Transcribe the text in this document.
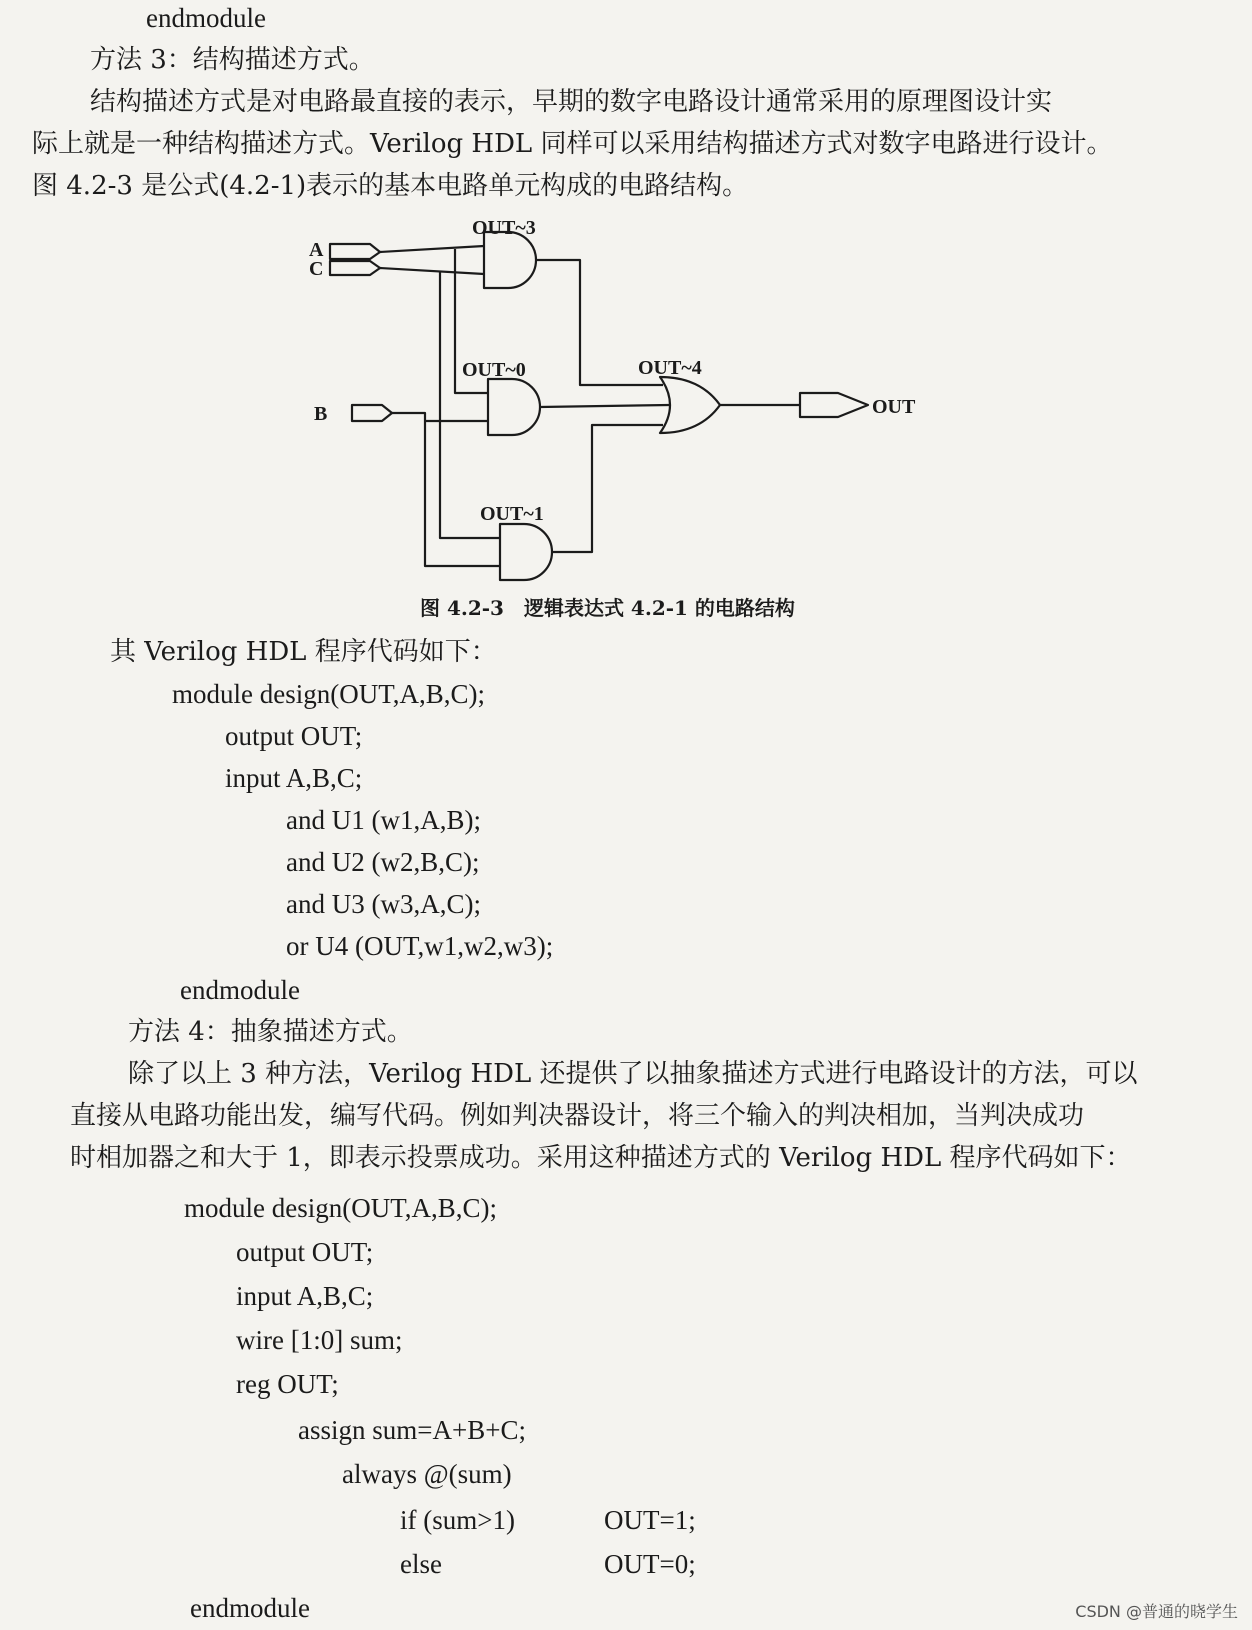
endmodule
方法 3：结构描述方式。
结构描述方式是对电路最直接的表示，早期的数字电路设计通常采用的原理图设计实
际上就是一种结构描述方式。Verilog HDL 同样可以采用结构描述方式对数字电路进行设计。
图 4.2-3 是公式(4.2-1)表示的基本电路单元构成的电路结构。
A
C
B	OUT
OUT~3
OUT~0
OUT~1
OUT~4
图 4.2-3　逻辑表达式 4.2-1 的电路结构
其 Verilog HDL 程序代码如下：
module design(OUT,A,B,C);
output OUT;
input A,B,C;
and U1 (w1,A,B);
and U2 (w2,B,C);
and U3 (w3,A,C);
or U4 (OUT,w1,w2,w3);
endmodule
方法 4：抽象描述方式。
除了以上 3 种方法，Verilog HDL 还提供了以抽象描述方式进行电路设计的方法，可以
直接从电路功能出发，编写代码。例如判决器设计，将三个输入的判决相加，当判决成功
时相加器之和大于 1，即表示投票成功。采用这种描述方式的 Verilog HDL 程序代码如下：
module design(OUT,A,B,C);
output OUT;
input A,B,C;
wire [1:0] sum;
reg OUT;
assign sum=A+B+C;
always @(sum)
if (sum>1)	OUT=1;
else	OUT=0;
endmodule	CSDN @普通的晓学生
